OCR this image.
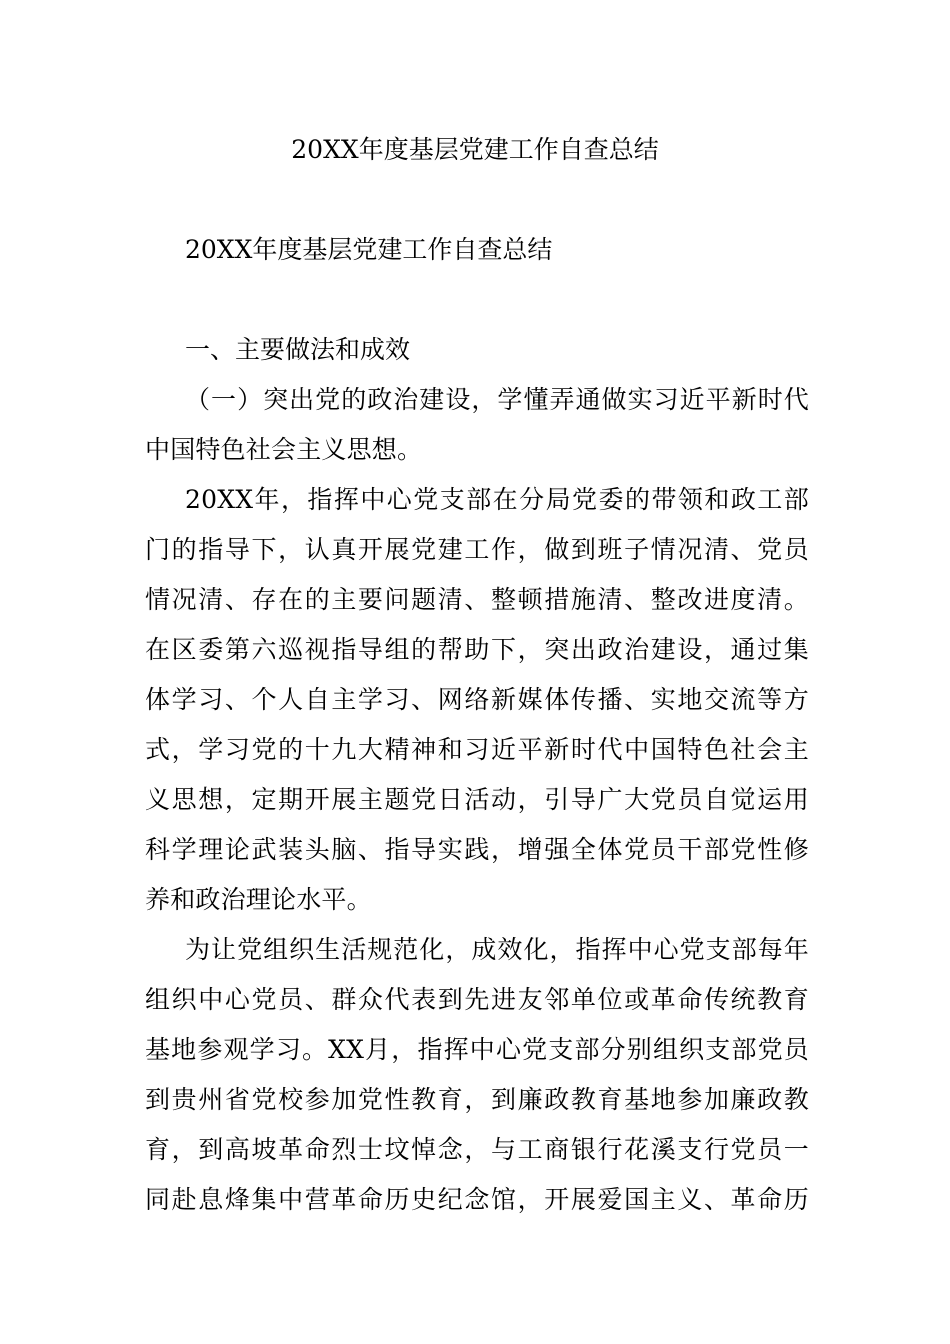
20XX年度基层党建工作自查总结

20XX年度基层党建工作自查总结

一、主要做法和成效

（一）突出党的政治建设，学懂弄通做实习近平新时代
中国特色社会主义思想。
20XX年，指挥中心党支部在分局党委的带领和政工部
门的指导下，认真开展党建工作，做到班子情况清、党员
情况清、存在的主要问题清、整顿措施清、整改进度清。
在区委第六巡视指导组的帮助下，突出政治建设，通过集
体学习、个人自主学习、网络新媒体传播、实地交流等方
式，学习党的十九大精神和习近平新时代中国特色社会主
义思想，定期开展主题党日活动，引导广大党员自觉运用
科学理论武装头脑、指导实践，增强全体党员干部党性修
养和政治理论水平。
为让党组织生活规范化，成效化，指挥中心党支部每年
组织中心党员、群众代表到先进友邻单位或革命传统教育
基地参观学习。XX月，指挥中心党支部分别组织支部党员
到贵州省党校参加党性教育，到廉政教育基地参加廉政教
育，到高坡革命烈士坟悼念，与工商银行花溪支行党员一
同赴息烽集中营革命历史纪念馆，开展爱国主义、革命历
